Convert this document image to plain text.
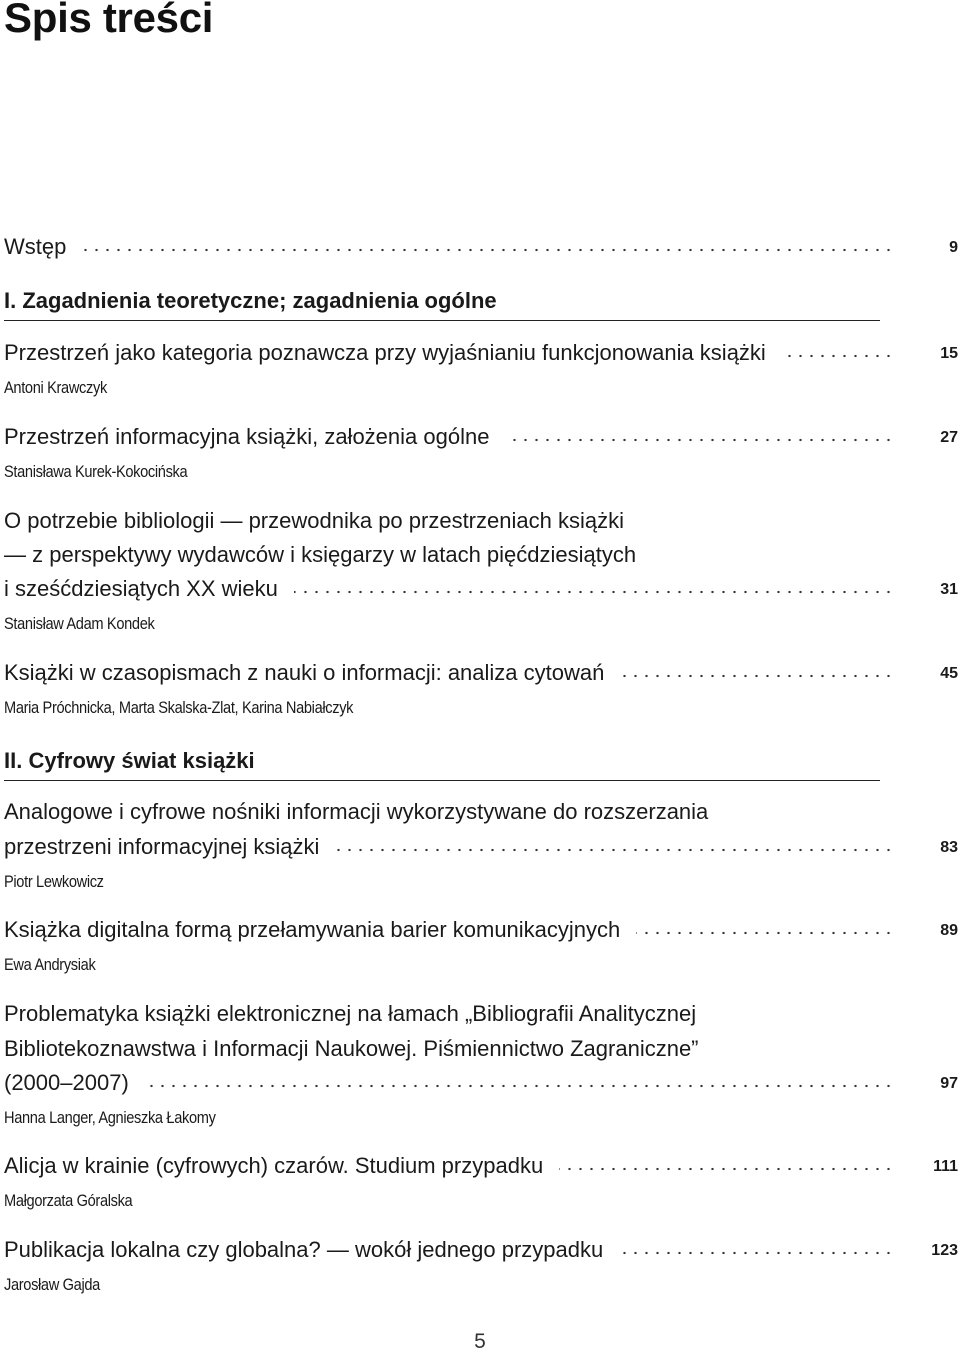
Spis treści
Wstęp	9
I. Zagadnienia teoretyczne; zagadnienia ogólne
Przestrzeń jako kategoria poznawcza przy wyjaśnianiu funkcjonowania książki	15
Antoni Krawczyk
Przestrzeń informacyjna książki, założenia ogólne	27
Stanisława Kurek-Kokocińska
O potrzebie bibliologii — przewodnika po przestrzeniach książki
— z perspektywy wydawców i księgarzy w latach pięćdziesiątych
i sześćdziesiątych XX wieku	31
Stanisław Adam Kondek
Książki w czasopismach z nauki o informacji: analiza cytowań	45
Maria Próchnicka, Marta Skalska-Zlat, Karina Nabiałczyk
II. Cyfrowy świat książki
Analogowe i cyfrowe nośniki informacji wykorzystywane do rozszerzania
przestrzeni informacyjnej książki	83
Piotr Lewkowicz
Książka digitalna formą przełamywania barier komunikacyjnych	89
Ewa Andrysiak
Problematyka książki elektronicznej na łamach „Bibliografii Analitycznej
Bibliotekoznawstwa i Informacji Naukowej. Piśmiennictwo Zagraniczne”
(2000–2007)	97
Hanna Langer, Agnieszka Łakomy
Alicja w krainie (cyfrowych) czarów. Studium przypadku	111
Małgorzata Góralska
Publikacja lokalna czy globalna? — wokół jednego przypadku	123
Jarosław Gajda
5
